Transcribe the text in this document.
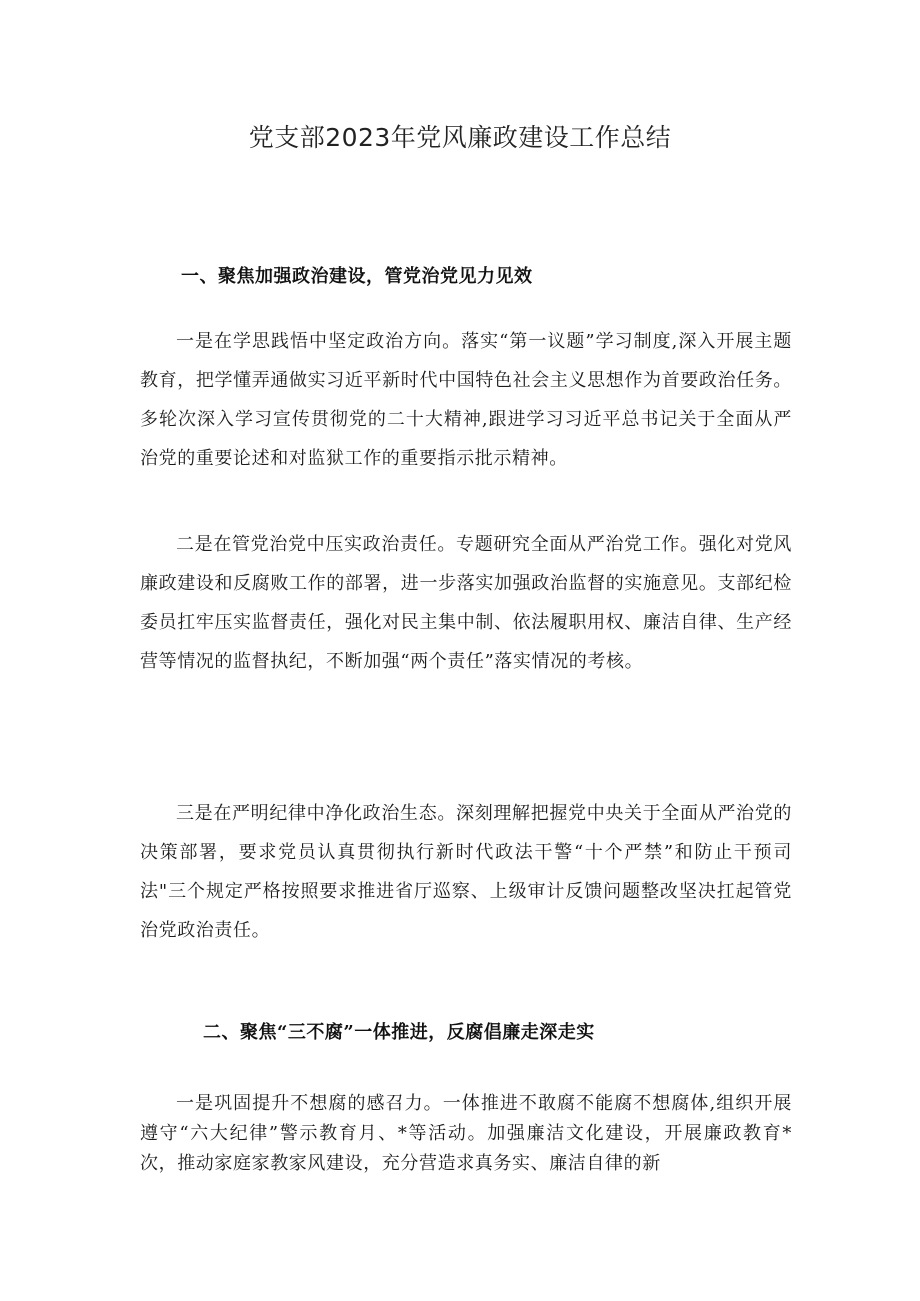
党支部2023年党风廉政建设工作总结
一、聚焦加强政治建设，管党治党见力见效

一是在学思践悟中坚定政治方向。落实“第一议题”学习制度,深入开展主题教育，把学懂弄通做实习近平新时代中国特色社会主义思想作为首要政治任务。多轮次深入学习宣传贯彻党的二十大精神,跟进学习习近平总书记关于全面从严治党的重要论述和对监狱工作的重要指示批示精神。

二是在管党治党中压实政治责任。专题研究全面从严治党工作。强化对党风廉政建设和反腐败工作的部署，进一步落实加强政治监督的实施意见。支部纪检委员扛牢压实监督责任，强化对民主集中制、依法履职用权、廉洁自律、生产经营等情况的监督执纪，不断加强“两个责任”落实情况的考核。

三是在严明纪律中净化政治生态。深刻理解把握党中央关于全面从严治党的决策部署，要求党员认真贯彻执行新时代政法干警“十个严禁”和防止干预司法"三个规定严格按照要求推进省厅巡察、上级审计反馈问题整改坚决扛起管党治党政治责任。

二、聚焦“三不腐”一体推进，反腐倡廉走深走实

一是巩固提升不想腐的感召力。一体推进不敢腐不能腐不想腐体,组织开展遵守“六大纪律”警示教育月、*等活动。加强廉洁文化建设，开展廉政教育*次，推动家庭家教家风建设，充分营造求真务实、廉洁自律的新
